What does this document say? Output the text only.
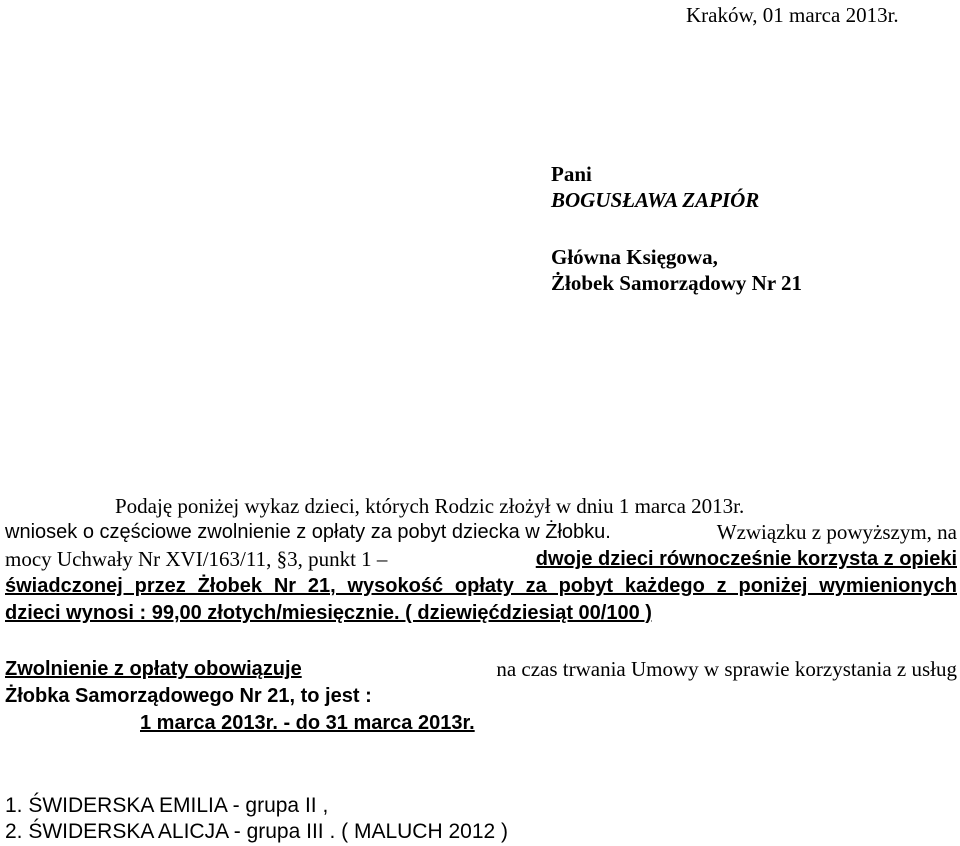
Kraków, 01 marca 2013r.

Pani

BOGUSŁAWA ZAPIÓR

Główna Księgowa,

Żłobek Samorządowy Nr 21

Podaję poniżej wykaz dzieci, których Rodzic złożył w dniu 1 marca 2013r.

wniosek o częściowe zwolnienie z opłaty za pobyt dziecka w Żłobku.	Wzwiązku z powyższym, na

mocy Uchwały Nr XVI/163/11, §3, punkt 1 –	dwoje dzieci równocześnie korzysta z opieki

świadczonej przez Żłobek Nr 21, wysokość opłaty za pobyt każdego z poniżej wymienionych

dzieci wynosi : 99,00 złotych/miesięcznie. ( dziewięćdziesiąt 00/100 )

Zwolnienie z opłaty obowiązuje	na czas trwania Umowy w sprawie korzystania z usług

Żłobka Samorządowego Nr 21, to jest :

1 marca 2013r. - do 31 marca 2013r.

1. ŚWIDERSKA EMILIA - grupa II ,

2. ŚWIDERSKA ALICJA - grupa III . ( MALUCH 2012 )
